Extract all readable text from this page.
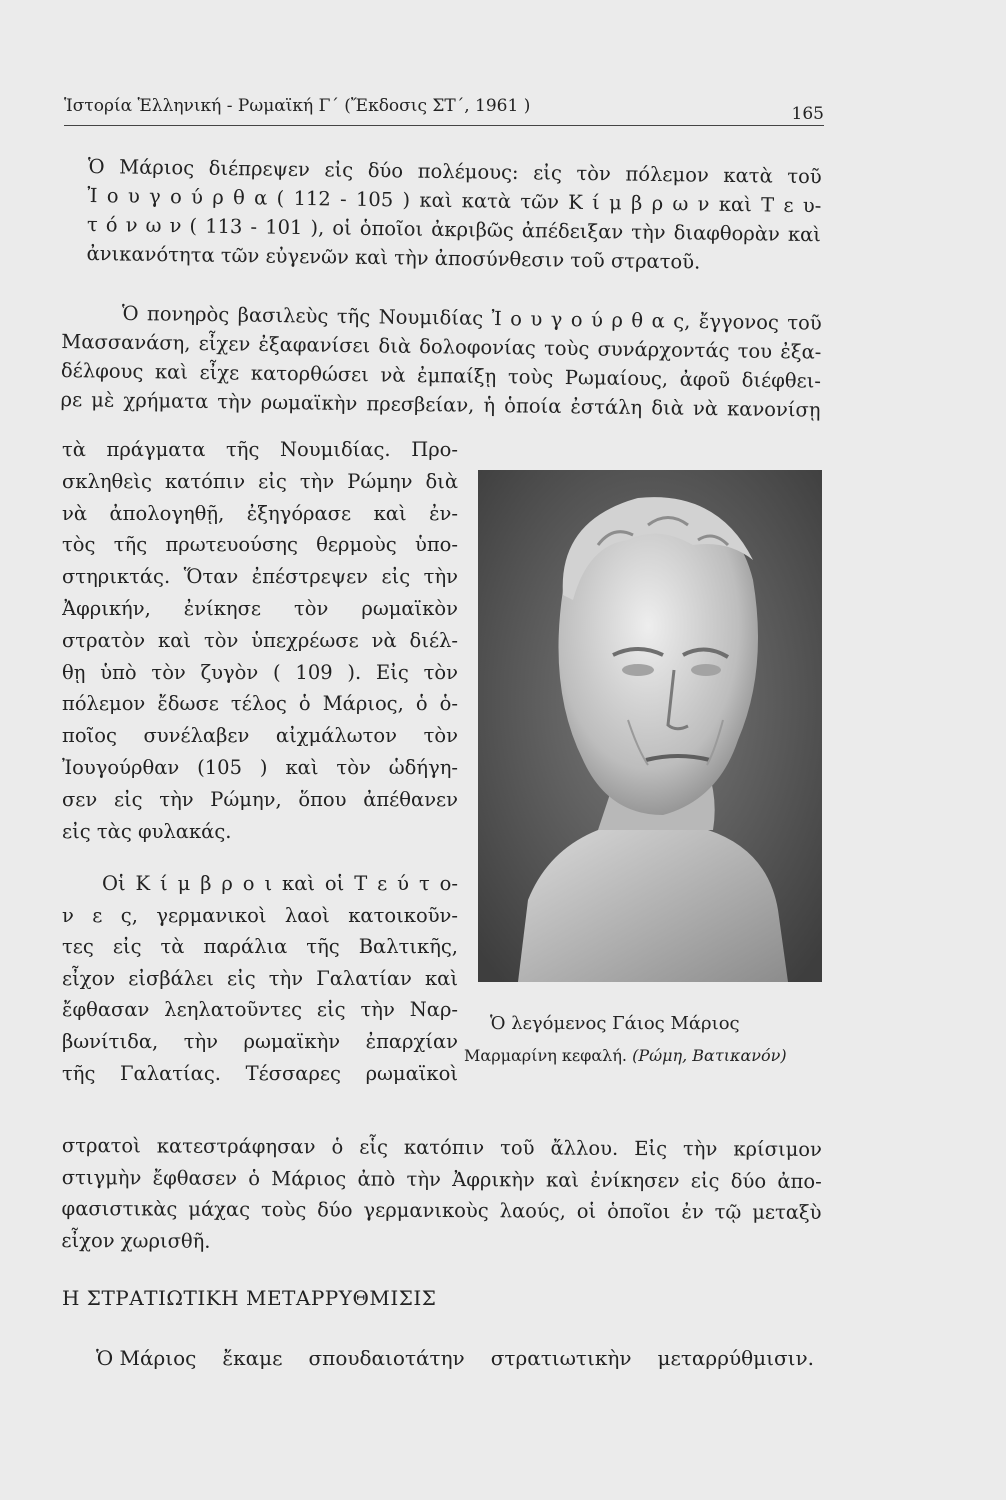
Ἱστορία Ἑλληνική - Ρωμαϊκή Γ΄ (Ἔκδοσις ΣΤ΄, 1961 )	165
Ὁ Μάριος διέπρεψεν εἰς δύο πολέμους: εἰς τὸν πόλεμον κατὰ τοῦ
Ἰ ο υ γ ο ύ ρ θ α ( 112 - 105 ) καὶ κατὰ τῶν Κ ί μ β ρ ω ν καὶ Τ ε υ-
τ ό ν ω ν ( 113 - 101 ), οἱ ὁποῖοι ἀκριβῶς ἀπέδειξαν τὴν διαφθορὰν καὶ
ἀνικανότητα τῶν εὐγενῶν καὶ τὴν ἀποσύνθεσιν τοῦ στρατοῦ.
Ὁ πονηρὸς βασιλεὺς τῆς Νουμιδίας Ἰ ο υ γ ο ύ ρ θ α ς, ἔγγονος τοῦ
Μασσανάση, εἶχεν ἐξαφανίσει διὰ δολοφονίας τοὺς συνάρχοντάς του ἐξα-
δέλφους καὶ εἶχε κατορθώσει νὰ ἐμπαίξῃ τοὺς Ρωμαίους, ἀφοῦ διέφθει-
ρε μὲ χρήματα τὴν ρωμαϊκὴν πρεσβείαν, ἡ ὁποία ἐστάλη διὰ νὰ κανονίσῃ
τὰ πράγματα τῆς Νουμιδίας. Προ-
σκληθεὶς κατόπιν εἰς τὴν Ρώμην διὰ
νὰ ἀπολογηθῇ, ἐξηγόρασε καὶ ἐν-
τὸς τῆς πρωτευούσης θερμοὺς ὑπο-
στηρικτάς. Ὅταν ἐπέστρεψεν εἰς τὴν
Ἀφρικήν, ἐνίκησε τὸν ρωμαϊκὸν
στρατὸν καὶ τὸν ὑπεχρέωσε νὰ διέλ-
θῃ ὑπὸ τὸν ζυγὸν ( 109 ). Εἰς τὸν
πόλεμον ἔδωσε τέλος ὁ Μάριος, ὁ ὁ-
ποῖος συνέλαβεν αἰχμάλωτον τὸν
Ἰουγούρθαν (105 ) καὶ τὸν ὡδήγη-
σεν εἰς τὴν Ρώμην, ὅπου ἀπέθανεν
εἰς τὰς φυλακάς.
Ὁ λεγόμενος Γάιος Μάριος
Μαρμαρίνη κεφαλή. (Ρώμη, Βατικανόν)
Οἱ Κ ί μ β ρ ο ι καὶ οἱ Τ ε ύ τ ο-
ν ε ς, γερμανικοὶ λαοὶ κατοικοῦν-
τες εἰς τὰ παράλια τῆς Βαλτικῆς,
εἶχον εἰσβάλει εἰς τὴν Γαλατίαν καὶ
ἔφθασαν λεηλατοῦντες εἰς τὴν Ναρ-
βωνίτιδα, τὴν ρωμαϊκὴν ἐπαρχίαν
τῆς Γαλατίας. Τέσσαρες ρωμαϊκοὶ
στρατοὶ κατεστράφησαν ὁ εἷς κατόπιν τοῦ ἄλλου. Εἰς τὴν κρίσιμον
στιγμὴν ἔφθασεν ὁ Μάριος ἀπὸ τὴν Ἀφρικὴν καὶ ἐνίκησεν εἰς δύο ἀπο-
φασιστικὰς μάχας τοὺς δύο γερμανικοὺς λαούς, οἱ ὁποῖοι ἐν τῷ μεταξὺ
εἶχον χωρισθῆ.
Η ΣΤΡΑΤΙΩΤΙΚΗ ΜΕΤΑΡΡΥΘΜΙΣΙΣ
Ὁ Μάριος ἔκαμε σπουδαιοτάτην στρατιωτικὴν μεταρρύθμισιν.
